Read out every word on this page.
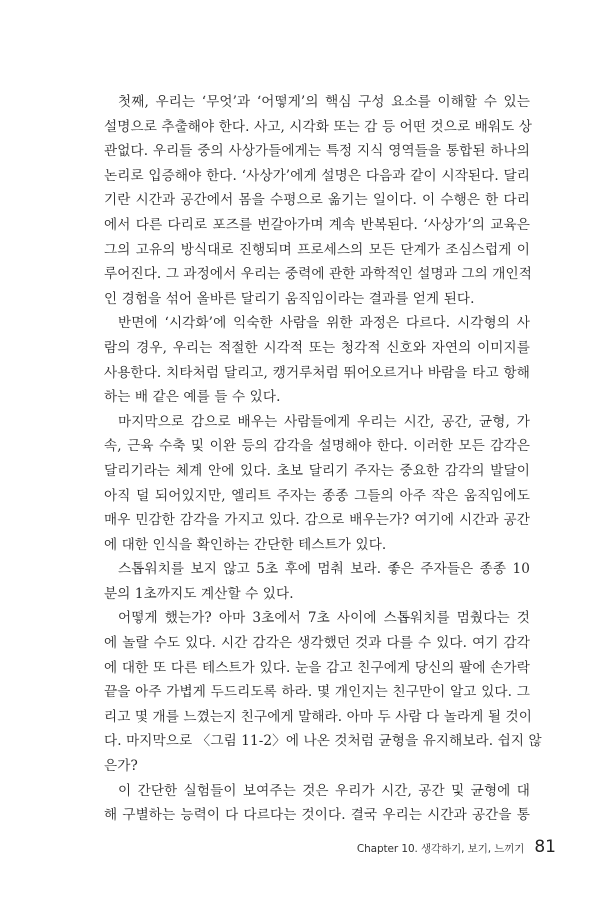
첫째, 우리는 ‘무엇’과 ‘어떻게’의 핵심 구성 요소를 이해할 수 있는
설명으로 추출해야 한다. 사고, 시각화 또는 감 등 어떤 것으로 배워도 상
관없다. 우리들 중의 사상가들에게는 특정 지식 영역들을 통합된 하나의
논리로 입증해야 한다. ‘사상가’에게 설명은 다음과 같이 시작된다. 달리
기란 시간과 공간에서 몸을 수평으로 옮기는 일이다. 이 수행은 한 다리
에서 다른 다리로 포즈를 번갈아가며 계속 반복된다. ‘사상가’의 교육은
그의 고유의 방식대로 진행되며 프로세스의 모든 단계가 조심스럽게 이
루어진다. 그 과정에서 우리는 중력에 관한 과학적인 설명과 그의 개인적
인 경험을 섞어 올바른 달리기 움직임이라는 결과를 얻게 된다.
반면에 ‘시각화’에 익숙한 사람을 위한 과정은 다르다. 시각형의 사
람의 경우, 우리는 적절한 시각적 또는 청각적 신호와 자연의 이미지를
사용한다. 치타처럼 달리고, 캥거루처럼 뛰어오르거나 바람을 타고 항해
하는 배 같은 예를 들 수 있다.
마지막으로 감으로 배우는 사람들에게 우리는 시간, 공간, 균형, 가
속, 근육 수축 및 이완 등의 감각을 설명해야 한다. 이러한 모든 감각은
달리기라는 체계 안에 있다. 초보 달리기 주자는 중요한 감각의 발달이
아직 덜 되어있지만, 엘리트 주자는 종종 그들의 아주 작은 움직임에도
매우 민감한 감각을 가지고 있다. 감으로 배우는가? 여기에 시간과 공간
에 대한 인식을 확인하는 간단한 테스트가 있다.
스톱워치를 보지 않고 5초 후에 멈춰 보라. 좋은 주자들은 종종 10
분의 1초까지도 계산할 수 있다.
어떻게 했는가? 아마 3초에서 7초 사이에 스톱워치를 멈췄다는 것
에 놀랄 수도 있다. 시간 감각은 생각했던 것과 다를 수 있다. 여기 감각
에 대한 또 다른 테스트가 있다. 눈을 감고 친구에게 당신의 팔에 손가락
끝을 아주 가볍게 두드리도록 하라. 몇 개인지는 친구만이 알고 있다. 그
리고 몇 개를 느꼈는지 친구에게 말해라. 아마 두 사람 다 놀라게 될 것이
다. 마지막으로 〈그림 11-2〉에 나온 것처럼 균형을 유지해보라. 쉽지 않
은가?
이 간단한 실험들이 보여주는 것은 우리가 시간, 공간 및 균형에 대
해 구별하는 능력이 다 다르다는 것이다. 결국 우리는 시간과 공간을 통
Chapter 10. 생각하기, 보기, 느끼기 81
